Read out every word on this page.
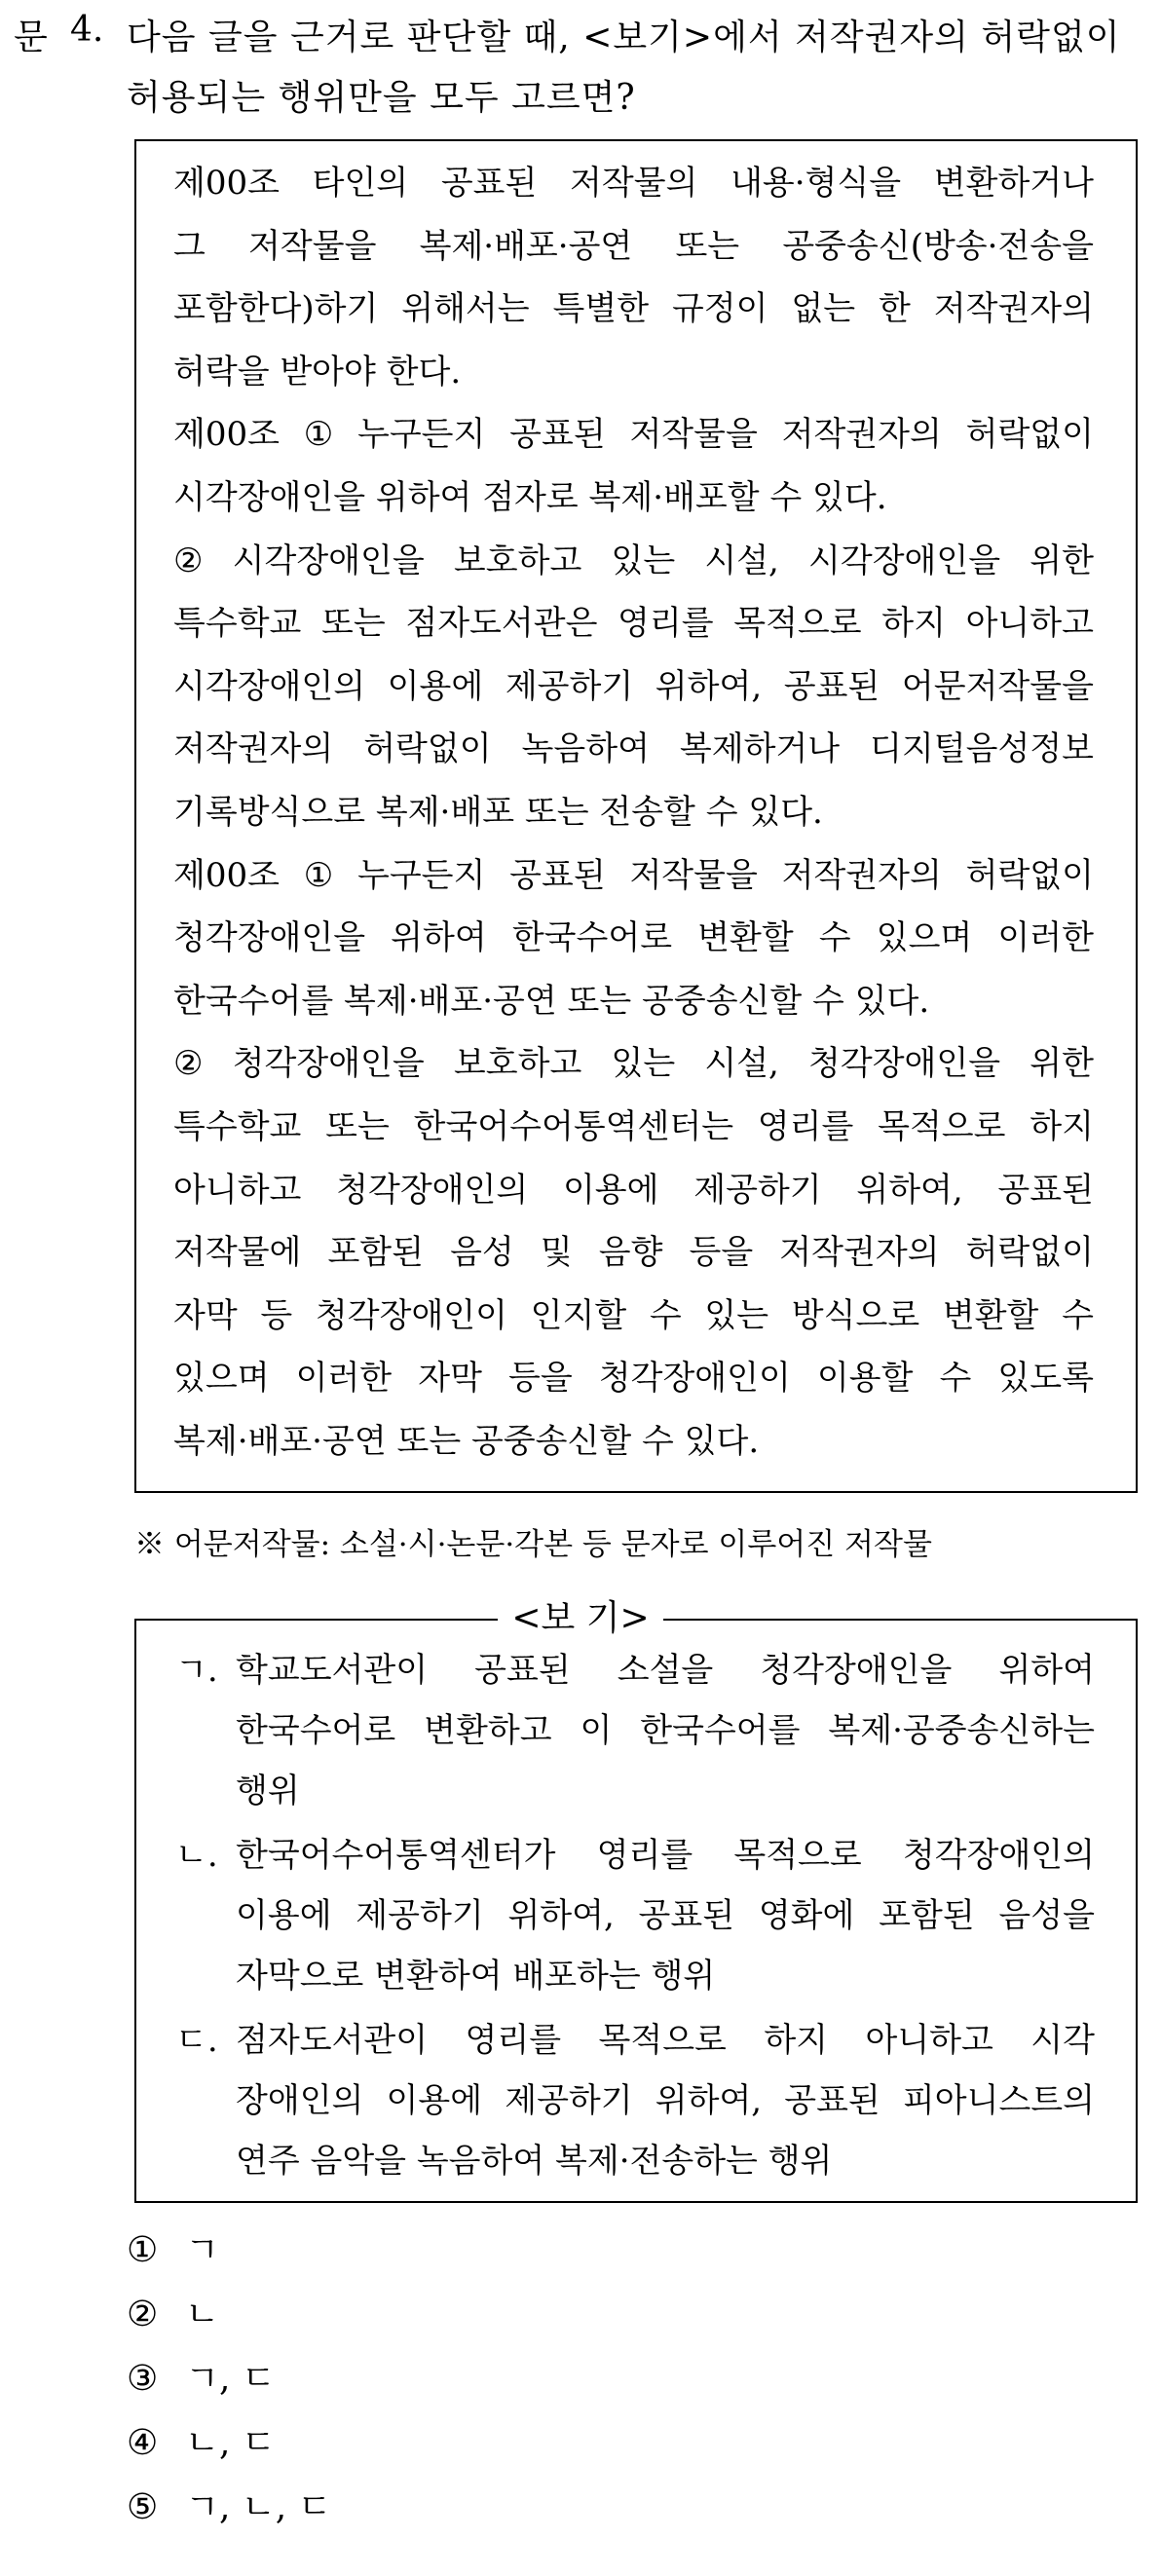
문 4. 다음 글을 근거로 판단할 때, <보기>에서 저작권자의 허락없이
허용되는 행위만을 모두 고르면?
제00조 타인의 공표된 저작물의 내용·형식을 변환하거나
그 저작물을 복제·배포·공연 또는 공중송신(방송·전송을
포함한다)하기 위해서는 특별한 규정이 없는 한 저작권자의
허락을 받아야 한다.
제00조 ① 누구든지 공표된 저작물을 저작권자의 허락없이
시각장애인을 위하여 점자로 복제·배포할 수 있다.
② 시각장애인을 보호하고 있는 시설, 시각장애인을 위한
특수학교 또는 점자도서관은 영리를 목적으로 하지 아니하고
시각장애인의 이용에 제공하기 위하여, 공표된 어문저작물을
저작권자의 허락없이 녹음하여 복제하거나 디지털음성정보
기록방식으로 복제·배포 또는 전송할 수 있다.
제00조 ① 누구든지 공표된 저작물을 저작권자의 허락없이
청각장애인을 위하여 한국수어로 변환할 수 있으며 이러한
한국수어를 복제·배포·공연 또는 공중송신할 수 있다.
② 청각장애인을 보호하고 있는 시설, 청각장애인을 위한
특수학교 또는 한국어수어통역센터는 영리를 목적으로 하지
아니하고 청각장애인의 이용에 제공하기 위하여, 공표된
저작물에 포함된 음성 및 음향 등을 저작권자의 허락없이
자막 등 청각장애인이 인지할 수 있는 방식으로 변환할 수
있으며 이러한 자막 등을 청각장애인이 이용할 수 있도록
복제·배포·공연 또는 공중송신할 수 있다.
※ 어문저작물: 소설·시·논문·각본 등 문자로 이루어진 저작물
<보 기>
ㄱ. 학교도서관이 공표된 소설을 청각장애인을 위하여
한국수어로 변환하고 이 한국수어를 복제·공중송신하는
행위
ㄴ. 한국어수어통역센터가 영리를 목적으로 청각장애인의
이용에 제공하기 위하여, 공표된 영화에 포함된 음성을
자막으로 변환하여 배포하는 행위
ㄷ. 점자도서관이 영리를 목적으로 하지 아니하고 시각
장애인의 이용에 제공하기 위하여, 공표된 피아니스트의
연주 음악을 녹음하여 복제·전송하는 행위
① ㄱ
② ㄴ
③ ㄱ, ㄷ
④ ㄴ, ㄷ
⑤ ㄱ, ㄴ, ㄷ
